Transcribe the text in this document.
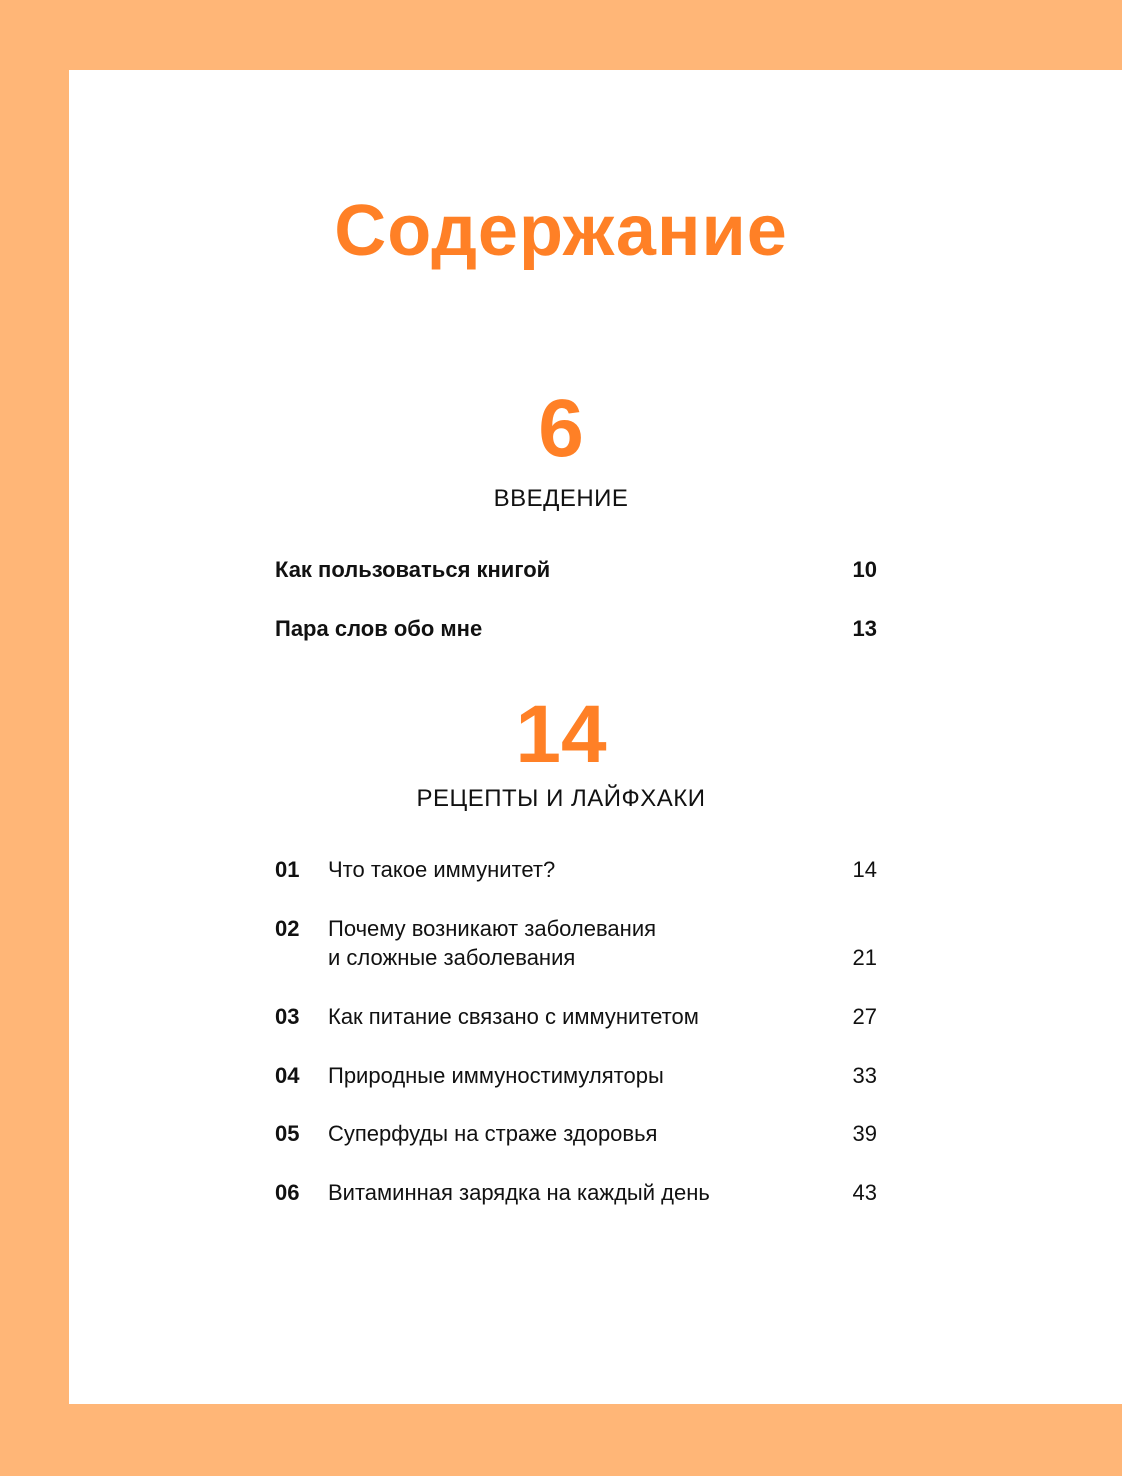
Содержание
6
ВВЕДЕНИЕ
Как пользоваться книгой	10
Пара слов обо мне	13
14
РЕЦЕПТЫ И ЛАЙФХАКИ
01 Что такое иммунитет?	14
02 Почему возникают заболевания
и сложные заболевания	21
03 Как питание связано с иммунитетом	27
04 Природные иммуностимуляторы	33
05 Суперфуды на страже здоровья	39
06 Витаминная зарядка на каждый день	43
